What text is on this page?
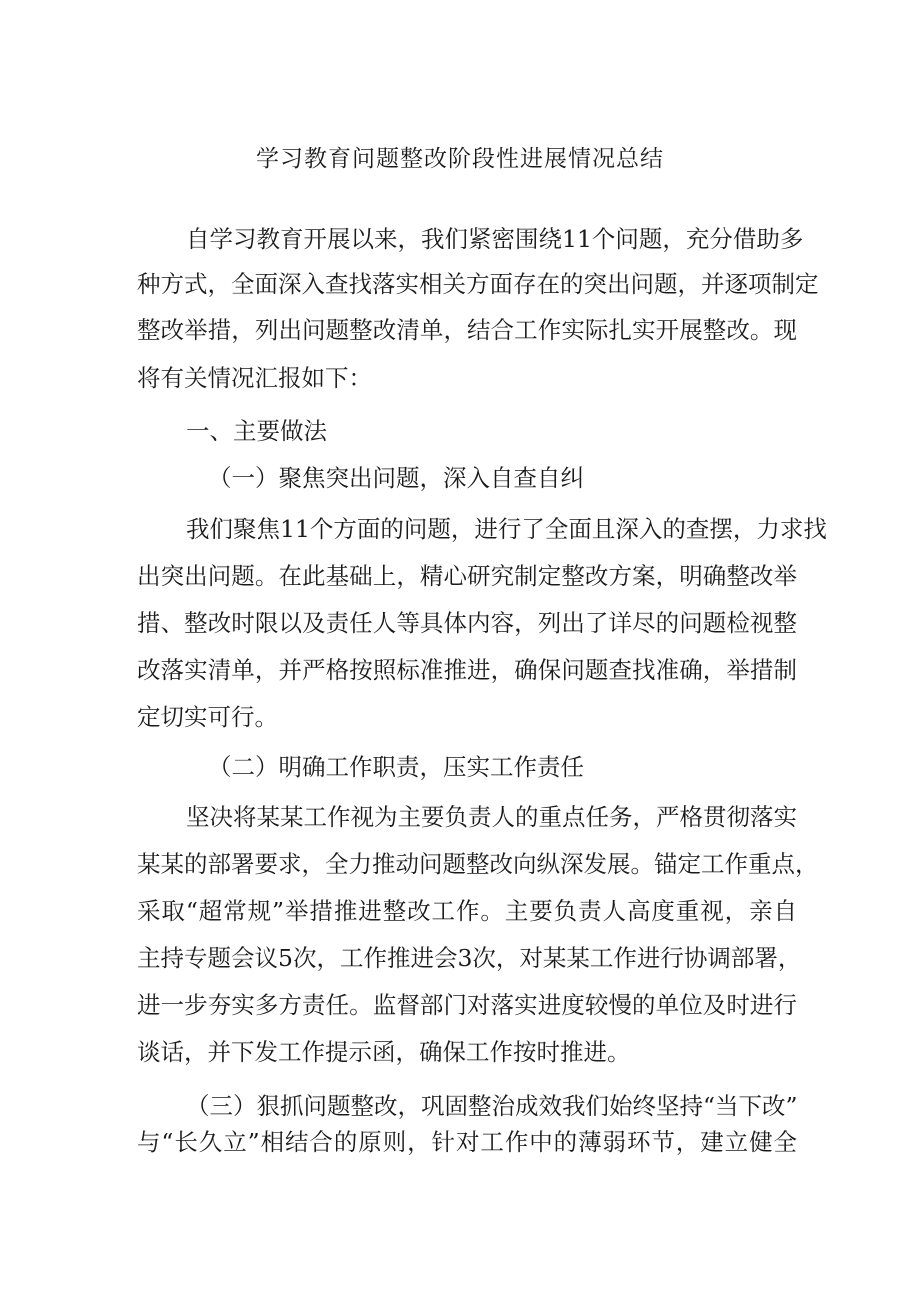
学习教育问题整改阶段性进展情况总结
自学习教育开展以来，我们紧密围绕11个问题，充分借助多
种方式，全面深入查找落实相关方面存在的突出问题，并逐项制定
整改举措，列出问题整改清单，结合工作实际扎实开展整改。现
将有关情况汇报如下：
一、主要做法
（一）聚焦突出问题，深入自查自纠
我们聚焦11个方面的问题，进行了全面且深入的查摆，力求找
出突出问题。在此基础上，精心研究制定整改方案，明确整改举
措、整改时限以及责任人等具体内容，列出了详尽的问题检视整
改落实清单，并严格按照标准推进，确保问题查找准确，举措制
定切实可行。
（二）明确工作职责，压实工作责任
坚决将某某工作视为主要负责人的重点任务，严格贯彻落实
某某的部署要求，全力推动问题整改向纵深发展。锚定工作重点，
采取“超常规”举措推进整改工作。主要负责人高度重视，亲自
主持专题会议5次，工作推进会3次，对某某工作进行协调部署，
进一步夯实多方责任。监督部门对落实进度较慢的单位及时进行
谈话，并下发工作提示函，确保工作按时推进。
（三）狠抓问题整改，巩固整治成效我们始终坚持“当下改”
与“长久立”相结合的原则，针对工作中的薄弱环节，建立健全
